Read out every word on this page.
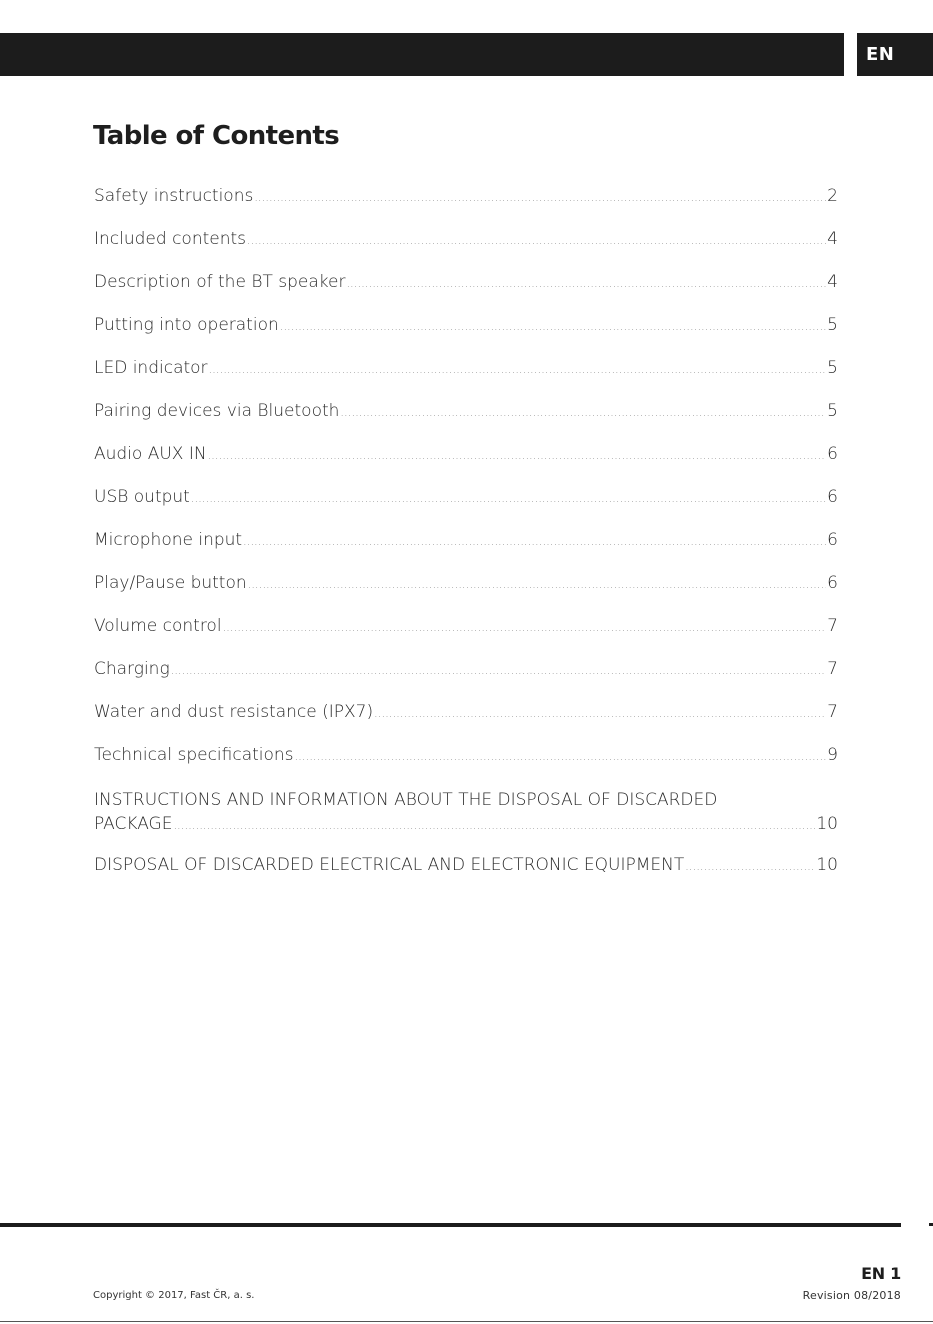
EN
Table of Contents
Safety instructions .....	2
Included contents .....	4
Description of the BT speaker .....	4
Putting into operation .....	5
LED indicator .....	5
Pairing devices via Bluetooth .....	5
Audio AUX IN .....	6
USB output .....	6
Microphone input .....	6
Play/Pause button .....	6
Volume control .....	7
Charging .....	7
Water and dust resistance (IPX7) .....	7
Technical specifications .....	9
INSTRUCTIONS AND INFORMATION ABOUT THE DISPOSAL OF DISCARDED
PACKAGE .....	10
DISPOSAL OF DISCARDED ELECTRICAL AND ELECTRONIC EQUIPMENT .....	10
EN 1
Revision 08/2018
Copyright © 2017, Fast ČR, a. s.
